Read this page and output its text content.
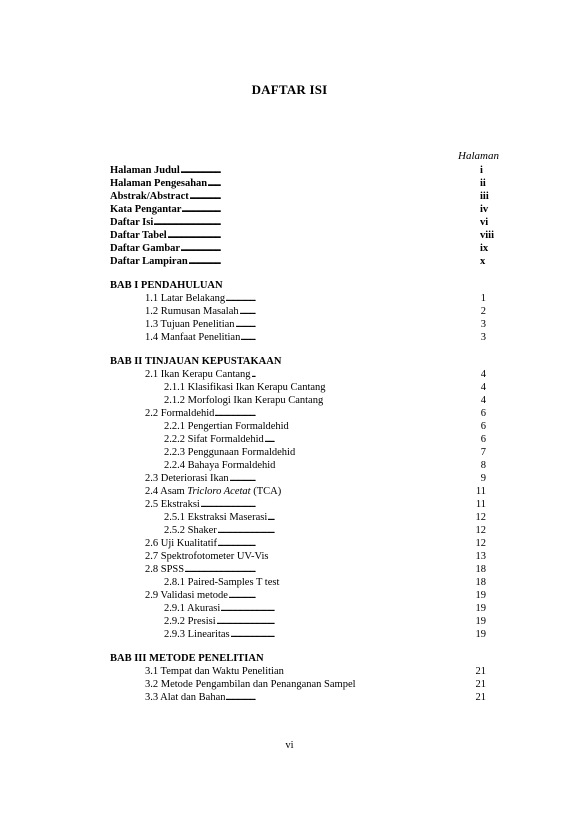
DAFTAR ISI
Halaman
. . .
Halaman Judul	i
. . .
Halaman Pengesahan	ii
. . .
Abstrak/Abstract	iii
. . .
Kata Pengantar	iv
. . .
Daftar Isi	vi
. . .
Daftar Tabel	viii
. . .
Daftar Gambar	ix
. . .
Daftar Lampiran	x
BAB I PENDAHULUAN
. . .
1.1 Latar Belakang	1
. . .
1.2 Rumusan Masalah	2
. . .
1.3 Tujuan Penelitian	3
. . .
1.4 Manfaat Penelitian	3
BAB II TINJAUAN KEPUSTAKAAN
. . .
2.1 Ikan Kerapu Cantang	4
. . .
2.1.1 Klasifikasi Ikan Kerapu Cantang	4
. . .
2.1.2 Morfologi Ikan Kerapu Cantang	4
. . .
2.2 Formaldehid	6
. . .
2.2.1 Pengertian Formaldehid	6
. . .
2.2.2 Sifat Formaldehid	6
. . .
2.2.3 Penggunaan Formaldehid	7
. . .
2.2.4 Bahaya Formaldehid	8
. . .
2.3 Deteriorasi Ikan	9
. . .
2.4 Asam Tricloro Acetat (TCA)	11
. . .
2.5 Ekstraksi	11
. . .
2.5.1 Ekstraksi Maserasi	12
. . .
2.5.2 Shaker	12
. . .
2.6 Uji Kualitatif	12
. . .
2.7 Spektrofotometer UV-Vis	13
. . .
2.8 SPSS	18
. . .
2.8.1 Paired-Samples T test	18
. . .
2.9 Validasi metode	19
. . .
2.9.1 Akurasi	19
. . .
2.9.2 Presisi	19
. . .
2.9.3 Linearitas	19
BAB III METODE PENELITIAN
. . .
3.1 Tempat dan Waktu Penelitian	21
. . .
3.2 Metode Pengambilan dan Penanganan Sampel	21
. . .
3.3 Alat dan Bahan	21
vi
